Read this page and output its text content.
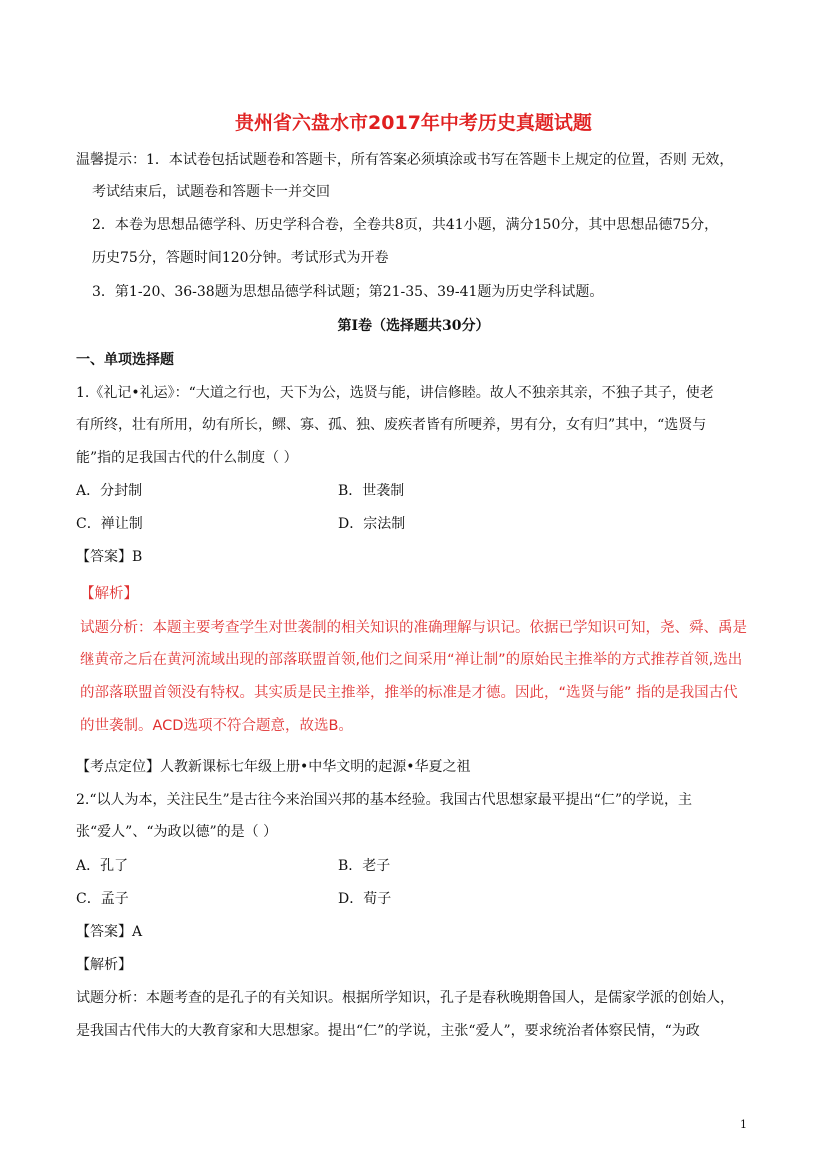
贵州省六盘水市2017年中考历史真题试题
温馨提示：1．本试卷包括试题卷和答题卡，所有答案必须填涂或书写在答题卡上规定的位置，否则 无效，
考试结束后，试题卷和答题卡一并交回
2．本卷为思想品德学科、历史学科合卷，全卷共8页，共41小题，满分150分，其中思想品德75分，
历史75分，答题时间120分钟。考试形式为开卷
3．第1-20、36-38题为思想品德学科试题；第21-35、39-41题为历史学科试题。
第I卷（选择题共30分）
一、单项选择题
1.《礼记•礼运》：“大道之行也，天下为公，选贤与能，讲信修睦。故人不独亲其亲，不独子其子，使老
有所终，壮有所用，幼有所长，鳏、寡、孤、独、废疾者皆有所哽养，男有分，女有归”其中，“选贤与
能”指的足我国古代的什么制度（ ）
A．分封制	B．世袭制
C．禅让制	D．宗法制
【答案】B
【解析】
试题分析：本题主要考查学生对世袭制的相关知识的准确理解与识记。依据已学知识可知，尧、舜、禹是
继黄帝之后在黄河流域出现的部落联盟首领,他们之间采用“禅让制”的原始民主推举的方式推荐首领,选出
的部落联盟首领没有特权。其实质是民主推举，推举的标准是才德。因此，“选贤与能” 指的是我国古代
的世袭制。ACD选项不符合题意，故选B。
【考点定位】人教新课标七年级上册•中华文明的起源•华夏之祖
2.“以人为本，关注民生”是古往今来治国兴邦的基本经验。我国古代思想家最平提出“仁”的学说，主
张“爱人”、“为政以德”的是（ ）
A．孔了	B．老子
C．孟子	D．荀子
【答案】A
【解析】
试题分析：本题考查的是孔子的有关知识。根据所学知识，孔子是春秋晚期鲁国人，是儒家学派的创始人，
是我国古代伟大的大教育家和大思想家。提出“仁”的学说，主张“爱人”，要求统治者体察民情，“为政
1
